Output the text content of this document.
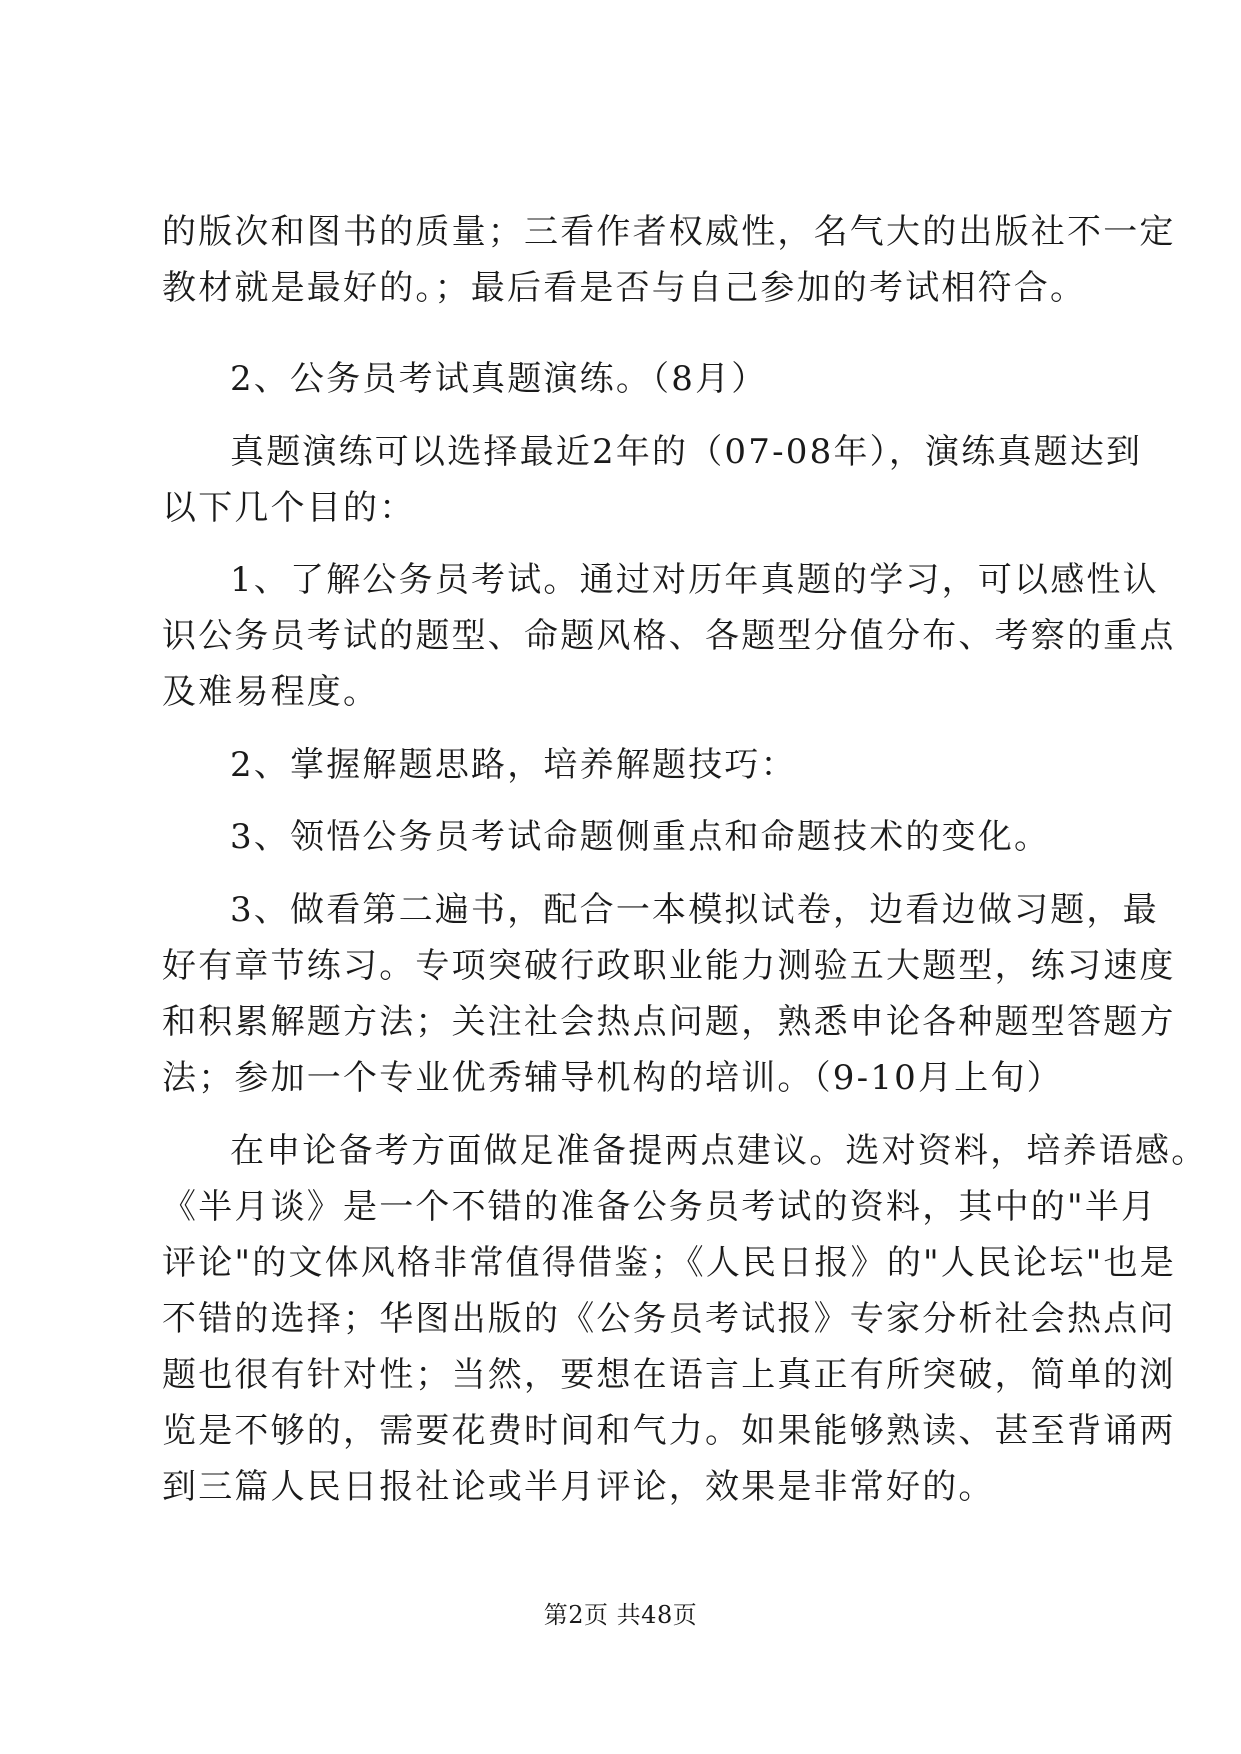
的版次和图书的质量；三看作者权威性，名气大的出版社不一定
教材就是最好的。；最后看是否与自己参加的考试相符合。
2、公务员考试真题演练。（8月）
真题演练可以选择最近2年的（07-08年），演练真题达到
以下几个目的：
1、了解公务员考试。通过对历年真题的学习，可以感性认
识公务员考试的题型、命题风格、各题型分值分布、考察的重点
及难易程度。
2、掌握解题思路，培养解题技巧：
3、领悟公务员考试命题侧重点和命题技术的变化。
3、做看第二遍书，配合一本模拟试卷，边看边做习题，最
好有章节练习。专项突破行政职业能力测验五大题型，练习速度
和积累解题方法；关注社会热点问题，熟悉申论各种题型答题方
法；参加一个专业优秀辅导机构的培训。（9-10月上旬）
在申论备考方面做足准备提两点建议。选对资料，培养语感。
《半月谈》是一个不错的准备公务员考试的资料，其中的"半月
评论"的文体风格非常值得借鉴；《人民日报》的"人民论坛"也是
不错的选择；华图出版的《公务员考试报》专家分析社会热点问
题也很有针对性；当然，要想在语言上真正有所突破，简单的浏
览是不够的，需要花费时间和气力。如果能够熟读、甚至背诵两
到三篇人民日报社论或半月评论，效果是非常好的。
第2页 共48页
